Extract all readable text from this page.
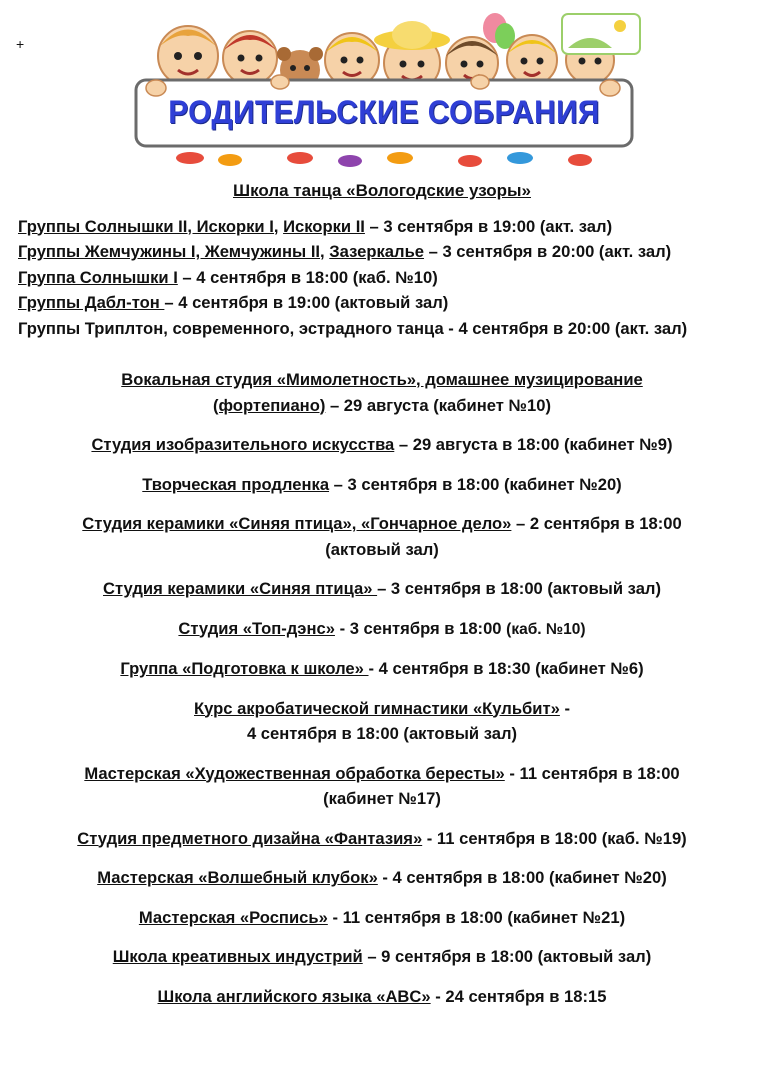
+
РОДИТЕЛЬСКИЕ СОБРАНИЯ
Школа танца «Вологодские узоры»
Группы Солнышки II, Искорки I, Искорки II – 3 сентября в 19:00 (акт. зал)
Группы Жемчужины I, Жемчужины II, Зазеркалье – 3 сентября в 20:00 (акт. зал)
Группа Солнышки I – 4 сентября в 18:00 (каб. №10)
Группы Дабл-тон – 4 сентября в 19:00 (актовый зал)
Группы Триплтон, современного, эстрадного танца - 4 сентября в 20:00 (акт. зал)
Вокальная студия «Мимолетность», домашнее музицирование
(фортепиано) – 29 августа (кабинет №10)
Студия изобразительного искусства – 29 августа в 18:00 (кабинет №9)
Творческая продленка – 3 сентября в 18:00 (кабинет №20)
Студия керамики «Синяя птица», «Гончарное дело» – 2 сентября в 18:00
(актовый зал)
Студия керамики «Синяя птица» – 3 сентября в 18:00 (актовый зал)
Студия «Топ-дэнс» - 3 сентября в 18:00 (каб. №10)
Группа «Подготовка к школе» - 4 сентября в 18:30 (кабинет №6)
Курс акробатической гимнастики «Кульбит» -
4 сентября в 18:00 (актовый зал)
Мастерская «Художественная обработка бересты» - 11 сентября в 18:00
(кабинет №17)
Студия предметного дизайна «Фантазия» - 11 сентября в 18:00 (каб. №19)
Мастерская «Волшебный клубок» - 4 сентября в 18:00 (кабинет №20)
Мастерская «Роспись» - 11 сентября в 18:00 (кабинет №21)
Школа креативных индустрий – 9 сентября в 18:00 (актовый зал)
Школа английского языка «ABC» - 24 сентября в 18:15
